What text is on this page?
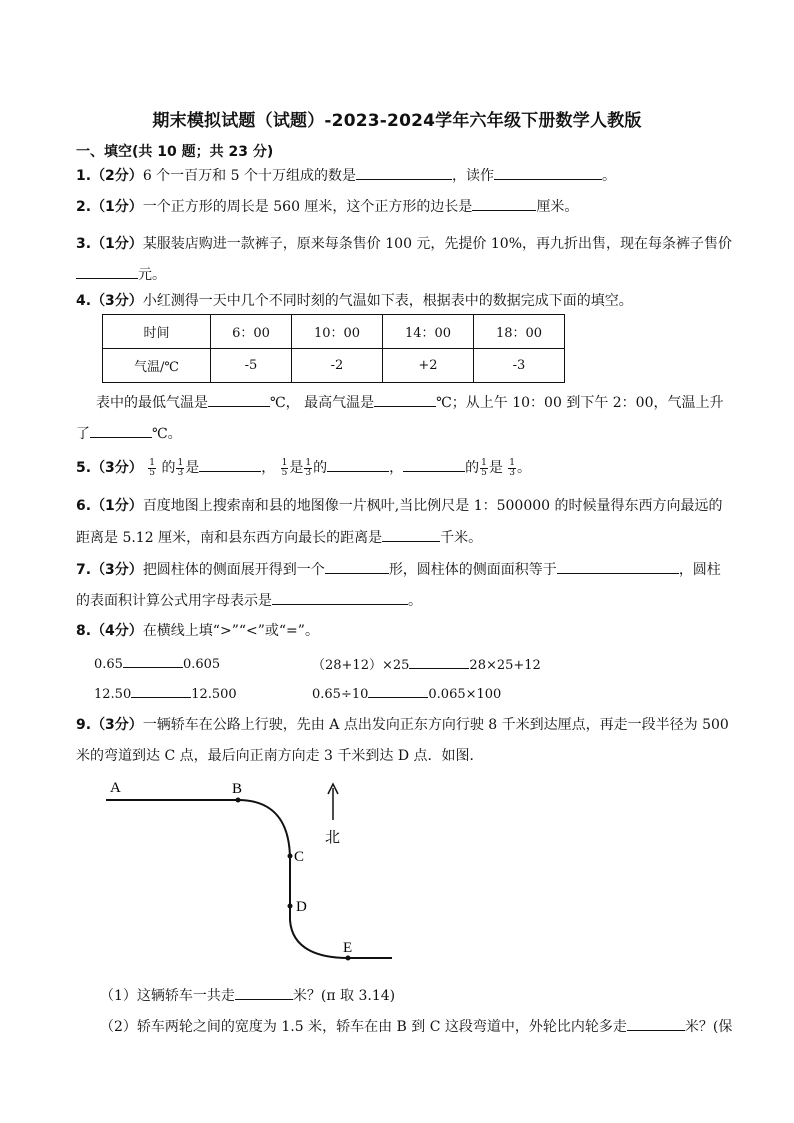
期末模拟试题（试题）-2023-2024学年六年级下册数学人教版
一、填空(共 10 题；共 23 分)
1.（2分）6 个一百万和 5 个十万组成的数是	，读作	。
2.（1分）一个正方形的周长是 560 厘米，这个正方形的边长是	厘米。
3.（1分）某服装店购进一款裤子，原来每条售价 100 元，先提价 10%，再九折出售，现在每条裤子售价元。
4.（3分）小红测得一天中几个不同时刻的气温如下表，根据表中的数据完成下面的填空。
时间	6：00	10：00	14：00	18：00
气温/℃	-5	-2	+2	-3
表中的最低气温是	℃， 最高气温是	℃；从上午 10：00 到下午 2：00，气温上升
了	℃。
5.（3分） $\frac{1}{5}$ 的 $\frac{1}{3}$ 是	， $\frac{1}{5}$ 是 $\frac{1}{3}$ 的	，	的 $\frac{1}{5}$ 是 $\frac{1}{3}$ 。
6.（1分）百度地图上搜索南和县的地图像一片枫叶,当比例尺是 1：500000 的时候量得东西方向最远的
距离是 5.12 厘米，南和县东西方向最长的距离是	千米。
7.（3分）把圆柱体的侧面展开得到一个	形，圆柱体的侧面面积等于	，圆柱
的表面积计算公式用字母表示是	。
8.（4分）在横线上填“>”“<”或“=”。
0.65	0.605	（28+12）×25	28×25+12
12.50	12.500	0.65÷10	0.065×100
9.（3分）一辆轿车在公路上行驶，先由 A 点出发向正东方向行驶 8 千米到达厘点，再走一段半径为 500
米的弯道到达 C 点，最后向正南方向走 3 千米到达 D 点．如图．
A	B
C
D
E
北
（1）这辆轿车一共走	米？(π 取 3.14)
（2）轿车两轮之间的宽度为 1.5 米，轿车在由 B 到 C 这段弯道中，外轮比内轮多走	米？(保
